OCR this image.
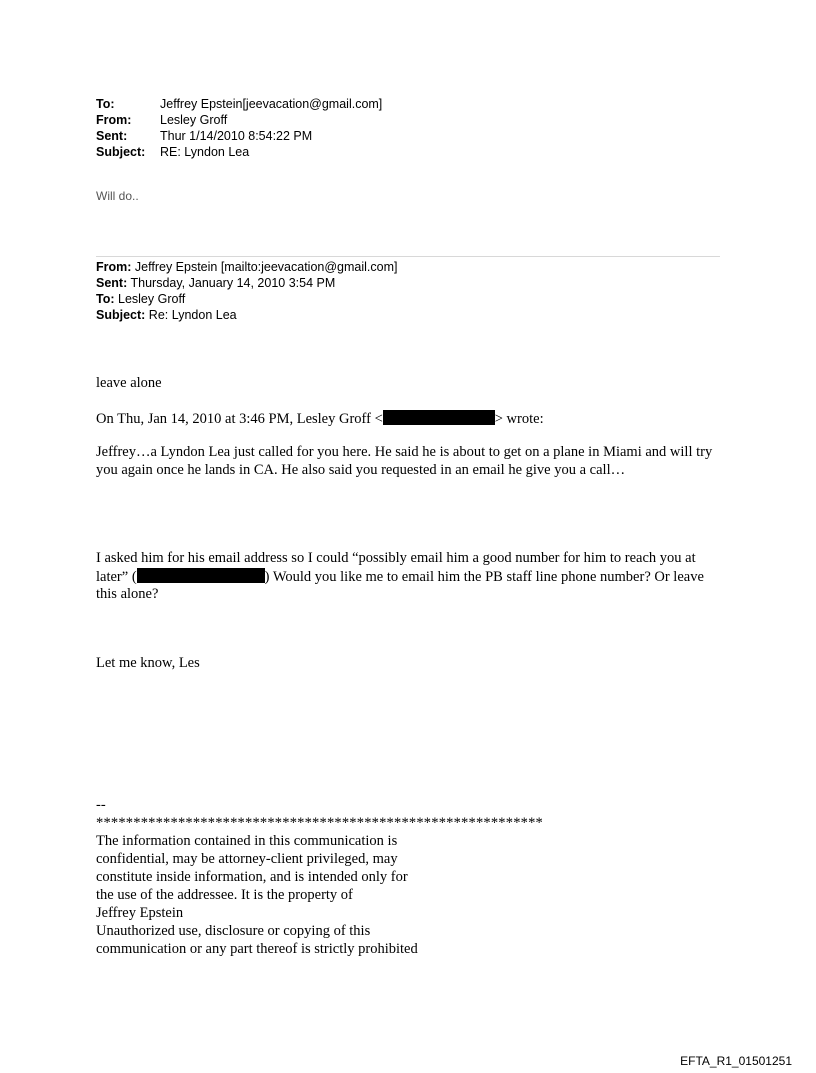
To:	Jeffrey Epstein[jeevacation@gmail.com]
From:	Lesley Groff
Sent:	Thur 1/14/2010 8:54:22 PM
Subject:	RE: Lyndon Lea
Will do..
From: Jeffrey Epstein [mailto:jeevacation@gmail.com]
Sent: Thursday, January 14, 2010 3:54 PM
To: Lesley Groff
Subject: Re: Lyndon Lea
leave alone
On Thu, Jan 14, 2010 at 3:46 PM, Lesley Groff <	> wrote:
Jeffrey…a Lyndon Lea just called for you here. He said he is about to get on a plane in Miami and will try you again once he lands in CA. He also said you requested in an email he give you a call…
I asked him for his email address so I could “possibly email him a good number for him to reach you at later” (	) Would you like me to email him the PB staff line phone number? Or leave this alone?
Let me know, Les
--
************************************************************
The information contained in this communication is
confidential, may be attorney-client privileged, may
constitute inside information, and is intended only for
the use of the addressee. It is the property of
Jeffrey Epstein
Unauthorized use, disclosure or copying of this
communication or any part thereof is strictly prohibited
EFTA_R1_01501251
